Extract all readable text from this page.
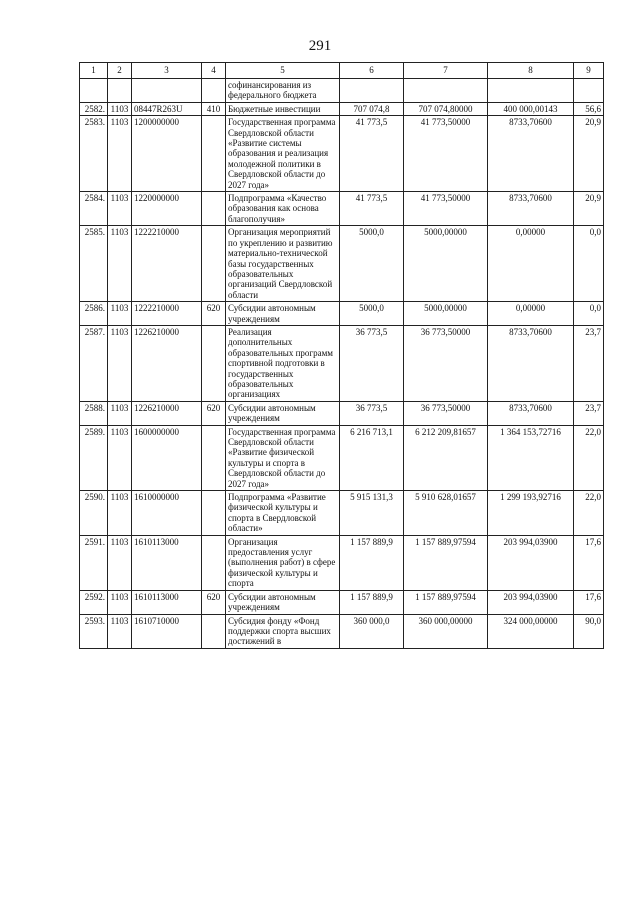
291
1	2	3	4	5	6	7	8	9
				софинансирования из федерального бюджета				
2582.	1103	08447R263U	410	Бюджетные инвестиции	707 074,8	707 074,80000	400 000,00143	56,6
2583.	1103	1200000000		Государственная программа Свердловской области «Развитие системы образования и реализация молодежной политики в Свердловской области до 2027 года»	41 773,5	41 773,50000	8733,70600	20,9
2584.	1103	1220000000		Подпрограмма «Качество образования как основа благополучия»	41 773,5	41 773,50000	8733,70600	20,9
2585.	1103	1222210000		Организация мероприятий по укреплению и развитию материально-технической базы государственных образовательных организаций Свердловской области	5000,0	5000,00000	0,00000	0,0
2586.	1103	1222210000	620	Субсидии автономным учреждениям	5000,0	5000,00000	0,00000	0,0
2587.	1103	1226210000		Реализация дополнительных образовательных программ спортивной подготовки в государственных образовательных организациях	36 773,5	36 773,50000	8733,70600	23,7
2588.	1103	1226210000	620	Субсидии автономным учреждениям	36 773,5	36 773,50000	8733,70600	23,7
2589.	1103	1600000000		Государственная программа Свердловской области «Развитие физической культуры и спорта в Свердловской области до 2027 года»	6 216 713,1	6 212 209,81657	1 364 153,72716	22,0
2590.	1103	1610000000		Подпрограмма «Развитие физической культуры и спорта в Свердловской области»	5 915 131,3	5 910 628,01657	1 299 193,92716	22,0
2591.	1103	1610113000		Организация предоставления услуг (выполнения работ) в сфере физической культуры и спорта	1 157 889,9	1 157 889,97594	203 994,03900	17,6
2592.	1103	1610113000	620	Субсидии автономным учреждениям	1 157 889,9	1 157 889,97594	203 994,03900	17,6
2593.	1103	1610710000		Субсидия фонду «Фонд поддержки спорта высших достижений в	360 000,0	360 000,00000	324 000,00000	90,0
